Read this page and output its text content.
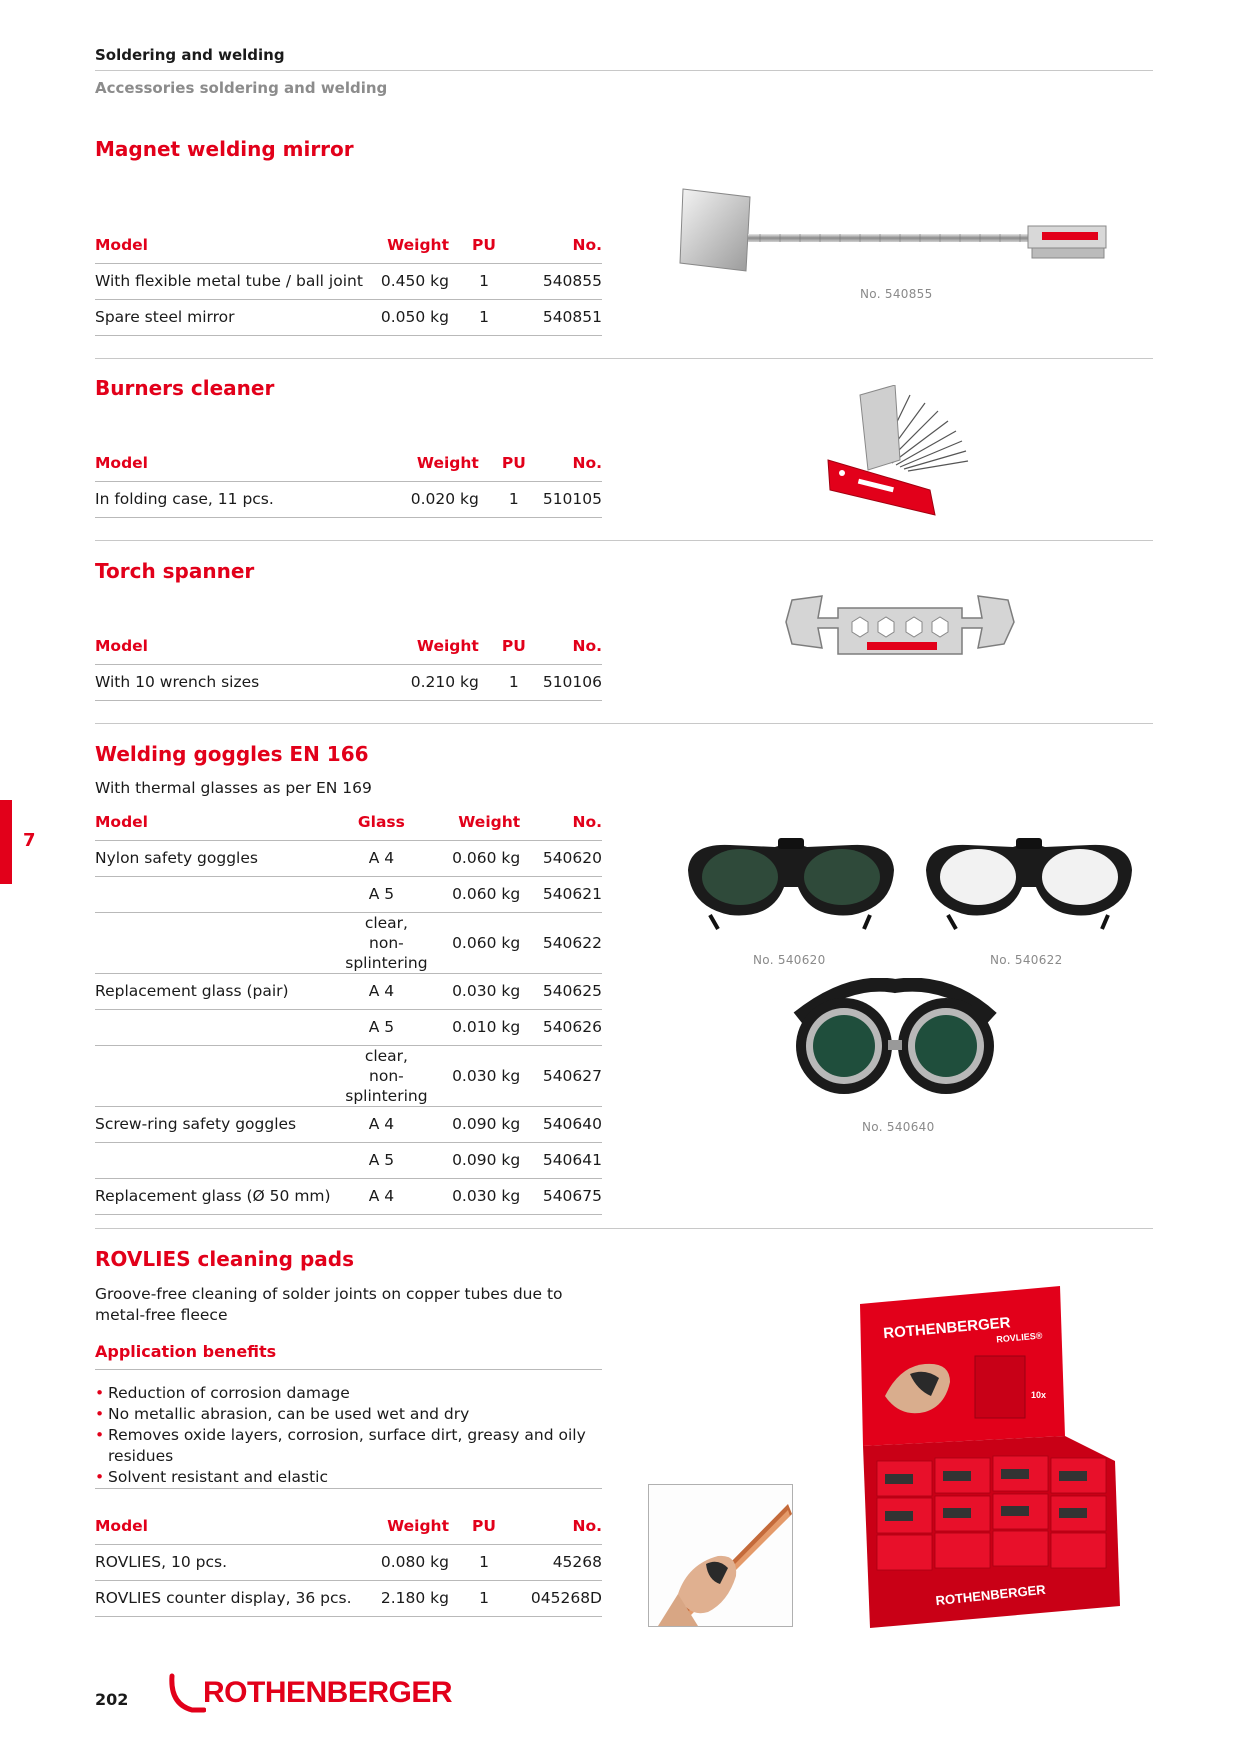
Soldering and welding
Accessories soldering and welding
7
Magnet welding mirror
Model	Weight	PU	No.
With flexible metal tube / ball joint	0.450 kg	1	540855
Spare steel mirror	0.050 kg	1	540851
No. 540855
Burners cleaner
Model	Weight	PU	No.
In folding case, 11 pcs.	0.020 kg	1	510105
Torch spanner
Model	Weight	PU	No.
With 10 wrench sizes	0.210 kg	1	510106
Welding goggles EN 166
With thermal glasses as per EN 169
Model	Glass	Weight	No.
Nylon safety goggles	A 4	0.060 kg	540620
	A 5	0.060 kg	540621
	clear, non-splintering	0.060 kg	540622
Replacement glass (pair)	A 4	0.030 kg	540625
	A 5	0.010 kg	540626
	clear, non-splintering	0.030 kg	540627
Screw-ring safety goggles	A 4	0.090 kg	540640
	A 5	0.090 kg	540641
Replacement glass (Ø 50 mm)	A 4	0.030 kg	540675
No. 540620	No. 540622
No. 540640
ROVLIES cleaning pads
Groove-free cleaning of solder joints on copper tubes due to metal-free fleece
Application benefits
• Reduction of corrosion damage
• No metallic abrasion, can be used wet and dry
• Removes oxide layers, corrosion, surface dirt, greasy and oily residues
• Solvent resistant and elastic
Model	Weight	PU	No.
ROVLIES, 10 pcs.	0.080 kg	1	45268
ROVLIES counter display, 36 pcs.	2.180 kg	1	045268D
ROTHENBERGER
ROVLIES®
10x
ROTHENBERGER
202 ROTHENBERGER
